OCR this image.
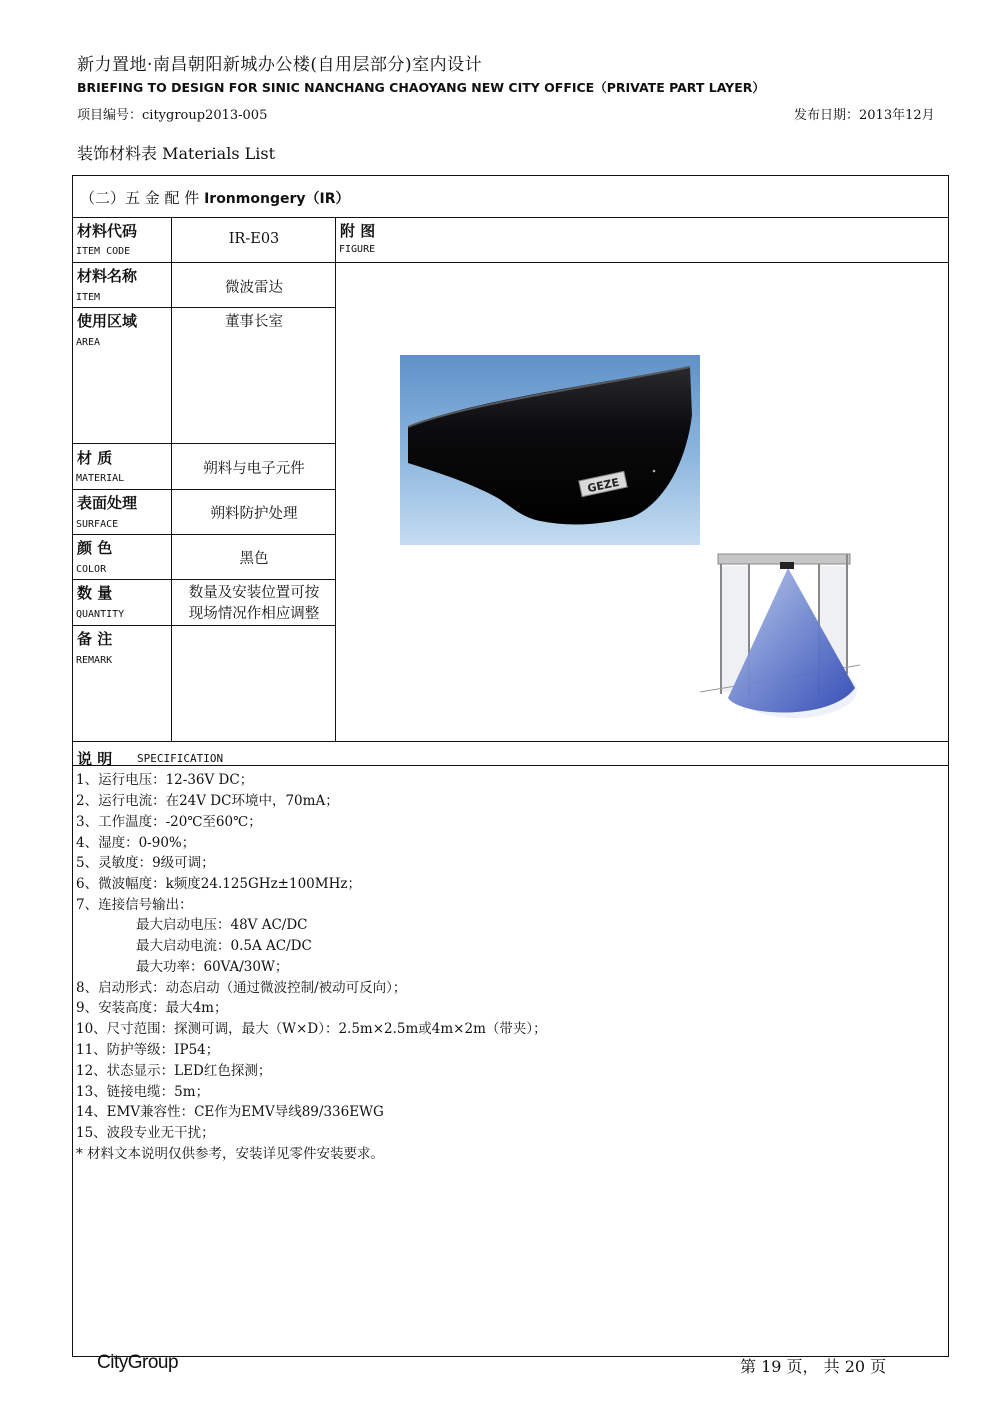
新力置地·南昌朝阳新城办公楼(自用层部分)室内设计
BRIEFING TO DESIGN FOR SINIC NANCHANG CHAOYANG NEW CITY OFFICE（PRIVATE PART LAYER）
项目编号：citygroup2013-005	发布日期：2013年12月
装饰材料表 Materials List
（二）五 金 配 件 Ironmongery（IR）
材料代码
ITEM CODE
材料名称
ITEM
使用区域
AREA
材 质
MATERIAL
表面处理
SURFACE
颜 色
COLOR
数 量
QUANTITY
备 注
REMARK
IR-E03
微波雷达
董事长室
朔料与电子元件
朔料防护处理
黑色
数量及安装位置可按
现场情况作相应调整
附 图
FIGURE
GEZE
说 明 SPECIFICATION
1、运行电压：12-36V DC；
2、运行电流：在24V DC环境中，70mA；
3、工作温度：-20℃至60℃；
4、湿度：0-90%；
5、灵敏度：9级可调；
6、微波幅度：k频度24.125GHz±100MHz；
7、连接信号输出：
最大启动电压：48V AC/DC
最大启动电流：0.5A AC/DC
最大功率：60VA/30W；
8、启动形式：动态启动（通过微波控制/被动可反向）；
9、安装高度：最大4m；
10、尺寸范围：探测可调，最大（W×D）：2.5m×2.5m或4m×2m（带夹）；
11、防护等级：IP54；
12、状态显示：LED红色探测；
13、链接电缆：5m；
14、EMV兼容性：CE作为EMV导线89/336EWG
15、波段专业无干扰；
* 材料文本说明仅供参考，安装详见零件安装要求。
CityGroup	第 19 页， 共 20 页
